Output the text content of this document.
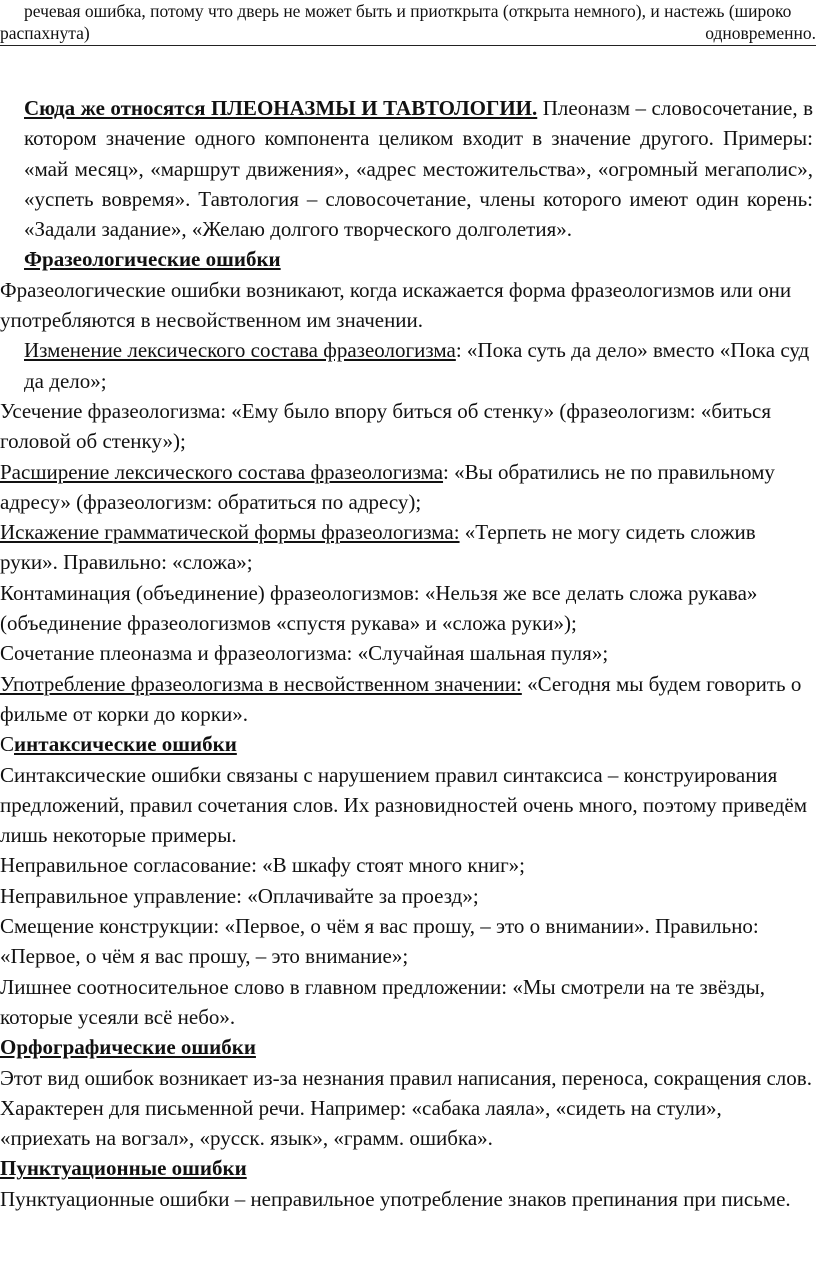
речевая ошибка, потому что дверь не может быть и приоткрыта (открыта немного), и настежь (широко
распахнута)	одновременно.

Сюда же относятся ПЛЕОНАЗМЫ И ТАВТОЛОГИИ. Плеоназм – словосочетание, в котором значение одного компонента целиком входит в значение другого. Примеры: «май месяц», «маршрут движения», «адрес местожительства», «огромный мегаполис», «успеть вовремя». Тавтология – словосочетание, члены которого имеют один корень: «Задали задание», «Желаю долгого творческого долголетия».

Фразеологические ошибки

Фразеологические ошибки возникают, когда искажается форма фразеологизмов или они употребляются в несвойственном им значении.

Изменение лексического состава фразеологизма: «Пока суть да дело» вместо «Пока суд да дело»;

Усечение фразеологизма: «Ему было впору биться об стенку» (фразеологизм: «биться головой об стенку»);

Расширение лексического состава фразеологизма: «Вы обратились не по правильному адресу» (фразеологизм: обратиться по адресу);

Искажение грамматической формы фразеологизма: «Терпеть не могу сидеть сложив руки». Правильно: «сложа»;

Контаминация (объединение) фразеологизмов: «Нельзя же все делать сложа рукава» (объединение фразеологизмов «спустя рукава» и «сложа руки»);

Сочетание плеоназма и фразеологизма: «Случайная шальная пуля»;

Употребление фразеологизма в несвойственном значении: «Сегодня мы будем говорить о фильме от корки до корки».

Синтаксические ошибки

Синтаксические ошибки связаны с нарушением правил синтаксиса – конструирования предложений, правил сочетания слов. Их разновидностей очень много, поэтому приведём лишь некоторые примеры.

Неправильное согласование: «В шкафу стоят много книг»;

Неправильное управление: «Оплачивайте за проезд»;

Смещение конструкции: «Первое, о чём я вас прошу, – это о внимании». Правильно: «Первое, о чём я вас прошу, – это внимание»;

Лишнее соотносительное слово в главном предложении: «Мы смотрели на те звёзды, которые усеяли всё небо».

Орфографические ошибки

Этот вид ошибок возникает из-за незнания правил написания, переноса, сокращения слов. Характерен для письменной речи. Например: «сабака лаяла», «сидеть на стули», «приехать на вогзал», «русск. язык», «грамм. ошибка».

Пунктуационные ошибки

Пунктуационные ошибки – неправильное употребление знаков препинания при письме.
